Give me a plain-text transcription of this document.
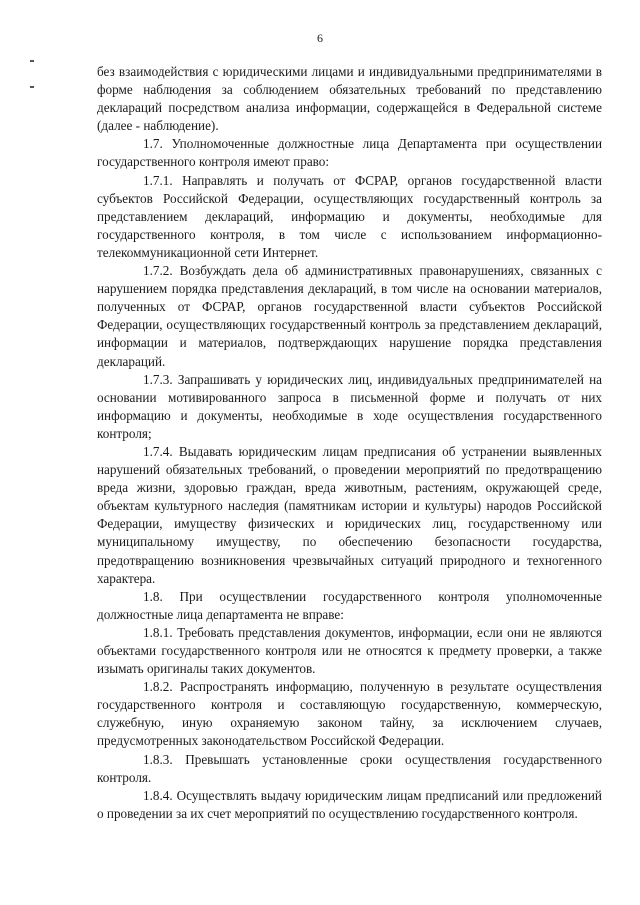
6

без взаимодействия с юридическими лицами и индивидуальными предпринимателями в форме наблюдения за соблюдением обязательных требований по представлению деклараций посредством анализа информации, содержащейся в Федеральной системе (далее - наблюдение).

1.7. Уполномоченные должностные лица Департамента при осуществлении государственного контроля имеют право:

1.7.1. Направлять и получать от ФСРАР, органов государственной власти субъектов Российской Федерации, осуществляющих государственный контроль за представлением деклараций, информацию и документы, необходимые для государственного контроля, в том числе с использованием информационно-телекоммуникационной сети Интернет.

1.7.2. Возбуждать дела об административных правонарушениях, связанных с нарушением порядка представления деклараций, в том числе на основании материалов, полученных от ФСРАР, органов государственной власти субъектов Российской Федерации, осуществляющих государственный контроль за представлением деклараций, информации и материалов, подтверждающих нарушение порядка представления деклараций.

1.7.3. Запрашивать у юридических лиц, индивидуальных предпринимателей на основании мотивированного запроса в письменной форме и получать от них информацию и документы, необходимые в ходе осуществления государственного контроля;

1.7.4. Выдавать юридическим лицам предписания об устранении выявленных нарушений обязательных требований, о проведении мероприятий по предотвращению вреда жизни, здоровью граждан, вреда животным, растениям, окружающей среде, объектам культурного наследия (памятникам истории и культуры) народов Российской Федерации, имуществу физических и юридических лиц, государственному или муниципальному имуществу, по обеспечению безопасности государства, предотвращению возникновения чрезвычайных ситуаций природного и техногенного характера.

1.8. При осуществлении государственного контроля уполномоченные должностные лица департамента не вправе:

1.8.1. Требовать представления документов, информации, если они не являются объектами государственного контроля или не относятся к предмету проверки, а также изымать оригиналы таких документов.

1.8.2. Распространять информацию, полученную в результате осуществления государственного контроля и составляющую государственную, коммерческую, служебную, иную охраняемую законом тайну, за исключением случаев, предусмотренных законодательством Российской Федерации.

1.8.3. Превышать установленные сроки осуществления государственного контроля.

1.8.4. Осуществлять выдачу юридическим лицам предписаний или предложений о проведении за их счет мероприятий по осуществлению государственного контроля.
